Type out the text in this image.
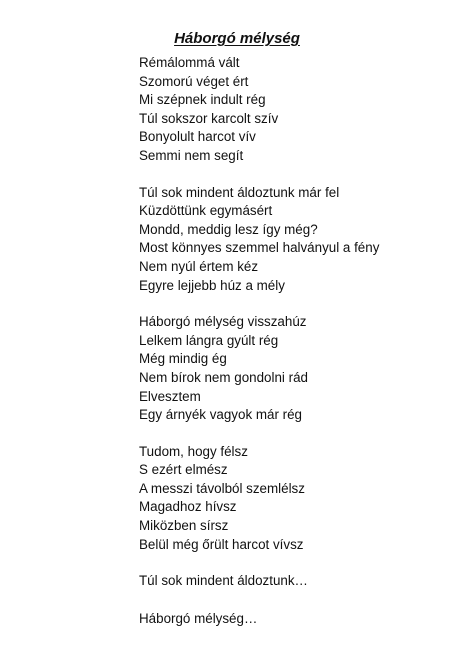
Háborgó mélység
Rémálommá vált
Szomorú véget ért
Mi szépnek indult rég
Túl sokszor karcolt szív
Bonyolult harcot vív
Semmi nem segít
Túl sok mindent áldoztunk már fel
Küzdöttünk egymásért
Mondd, meddig lesz így még?
Most könnyes szemmel halványul a fény
Nem nyúl értem kéz
Egyre lejjebb húz a mély
Háborgó mélység visszahúz
Lelkem lángra gyúlt rég
Még mindig ég
Nem bírok nem gondolni rád
Elvesztem
Egy árnyék vagyok már rég
Tudom, hogy félsz
S ezért elmész
A messzi távolból szemlélsz
Magadhoz hívsz
Miközben sírsz
Belül még őrült harcot vívsz
Túl sok mindent áldoztunk…
Háborgó mélység…
